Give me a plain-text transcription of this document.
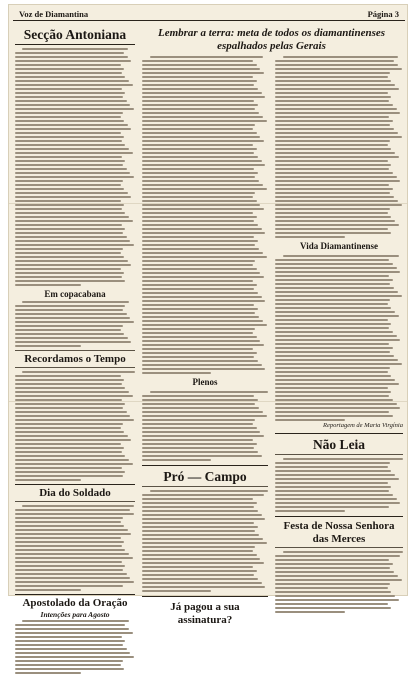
Voz de Diamantina	Página 3
Secção Antoniana
Em copacabana
Recordamos o Tempo
Dia do Soldado
Apostolado da Oração
Intenções para Agosto
Lembrar a terra: meta de todos os diamantinenses espalhados pelas Gerais
Plenos
Pró — Campo
Já pagou a sua assinatura?
Vida Diamantinense
Reportagem de Maria Virgínia
Não Leia
Festa de Nossa Senhora das Merces
